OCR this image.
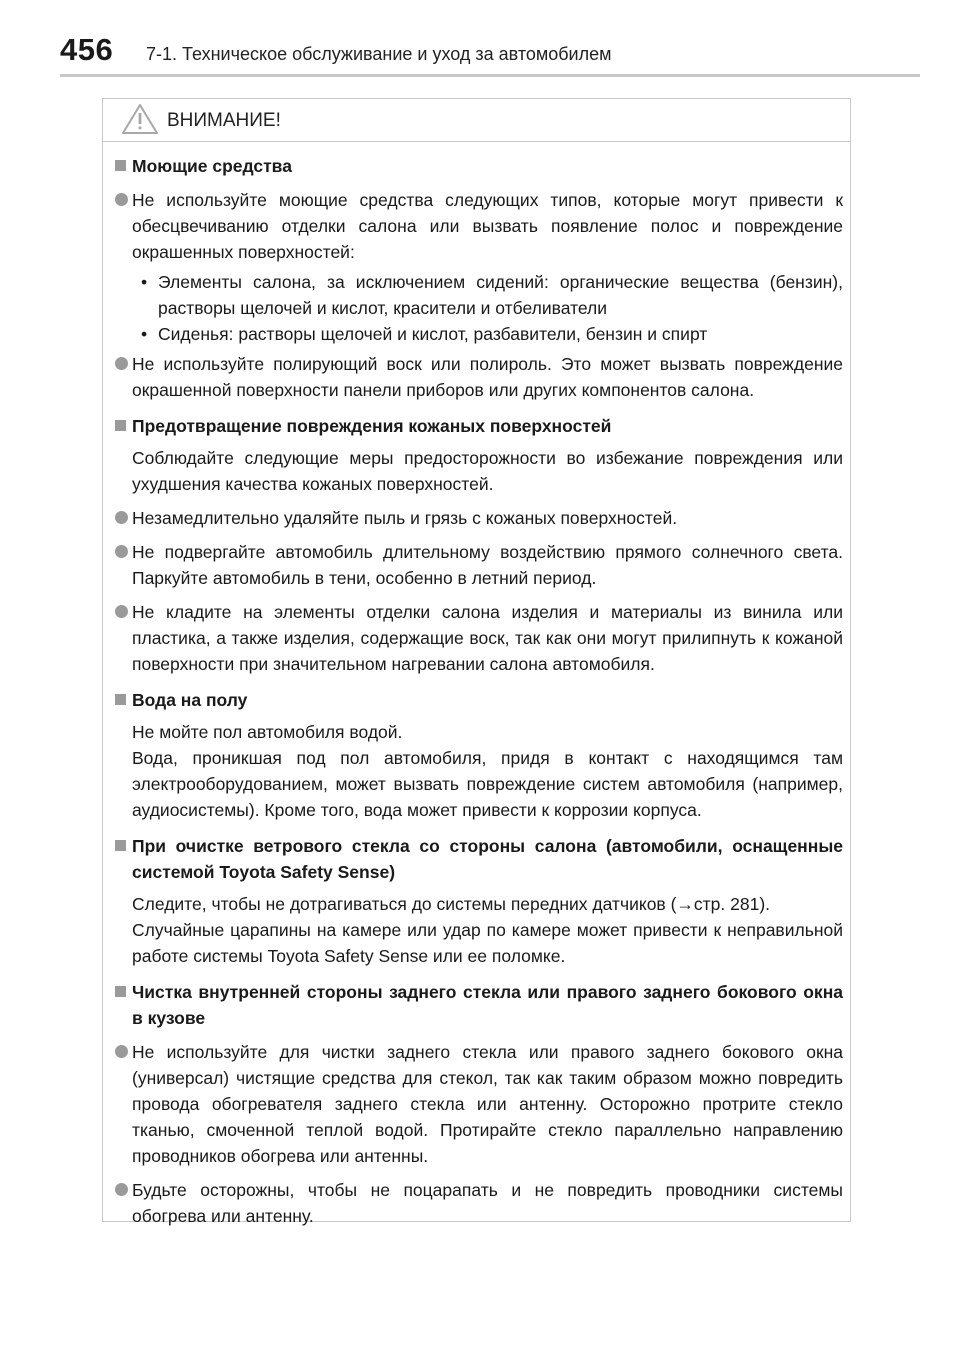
456 7-1. Техническое обслуживание и уход за автомобилем
ВНИМАНИЕ!
Моющие средства
Не используйте моющие средства следующих типов, которые могут привести к обесцвечиванию отделки салона или вызвать появление полос и повреждение окрашенных поверхностей:
• Элементы салона, за исключением сидений: органические вещества (бензин), растворы щелочей и кислот, красители и отбеливатели
• Сиденья: растворы щелочей и кислот, разбавители, бензин и спирт
Не используйте полирующий воск или полироль. Это может вызвать повреждение окрашенной поверхности панели приборов или других компонентов салона.
Предотвращение повреждения кожаных поверхностей
Соблюдайте следующие меры предосторожности во избежание повреждения или ухудшения качества кожаных поверхностей.
Незамедлительно удаляйте пыль и грязь с кожаных поверхностей.
Не подвергайте автомобиль длительному воздействию прямого солнечного света. Паркуйте автомобиль в тени, особенно в летний период.
Не кладите на элементы отделки салона изделия и материалы из винила или пластика, а также изделия, содержащие воск, так как они могут прилипнуть к кожаной поверхности при значительном нагревании салона автомобиля.
Вода на полу
Не мойте пол автомобиля водой.
Вода, проникшая под пол автомобиля, придя в контакт с находящимся там электрооборудованием, может вызвать повреждение систем автомобиля (например, аудиосистемы). Кроме того, вода может привести к коррозии корпуса.
При очистке ветрового стекла со стороны салона (автомобили, оснащенные системой Toyota Safety Sense)
Следите, чтобы не дотрагиваться до системы передних датчиков (→стр. 281).
Случайные царапины на камере или удар по камере может привести к неправильной работе системы Toyota Safety Sense или ее поломке.
Чистка внутренней стороны заднего стекла или правого заднего бокового окна в кузове
Не используйте для чистки заднего стекла или правого заднего бокового окна (универсал) чистящие средства для стекол, так как таким образом можно повредить провода обогревателя заднего стекла или антенну. Осторожно протрите стекло тканью, смоченной теплой водой. Протирайте стекло параллельно направлению проводников обогрева или антенны.
Будьте осторожны, чтобы не поцарапать и не повредить проводники системы обогрева или антенну.
